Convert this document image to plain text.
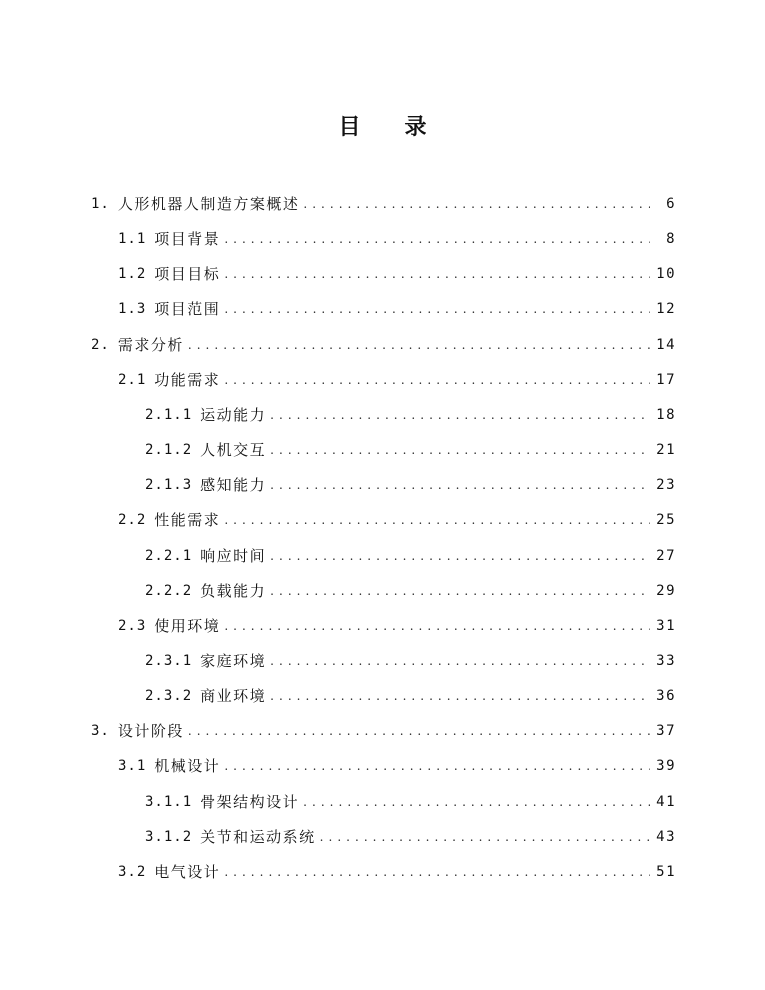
目 录
1. 人形机器人制造方案概述 . . .	6
1.1 项目背景 . . .	8
1.2 项目目标 . . .	10
1.3 项目范围 . . .	12
2. 需求分析 . . .	14
2.1 功能需求 . . .	17
2.1.1 运动能力 . . .	18
2.1.2 人机交互 . . .	21
2.1.3 感知能力 . . .	23
2.2 性能需求 . . .	25
2.2.1 响应时间 . . .	27
2.2.2 负载能力 . . .	29
2.3 使用环境 . . .	31
2.3.1 家庭环境 . . .	33
2.3.2 商业环境 . . .	36
3. 设计阶段 . . .	37
3.1 机械设计 . . .	39
3.1.1 骨架结构设计 . . .	41
3.1.2 关节和运动系统 . . .	43
3.2 电气设计 . . .	51
